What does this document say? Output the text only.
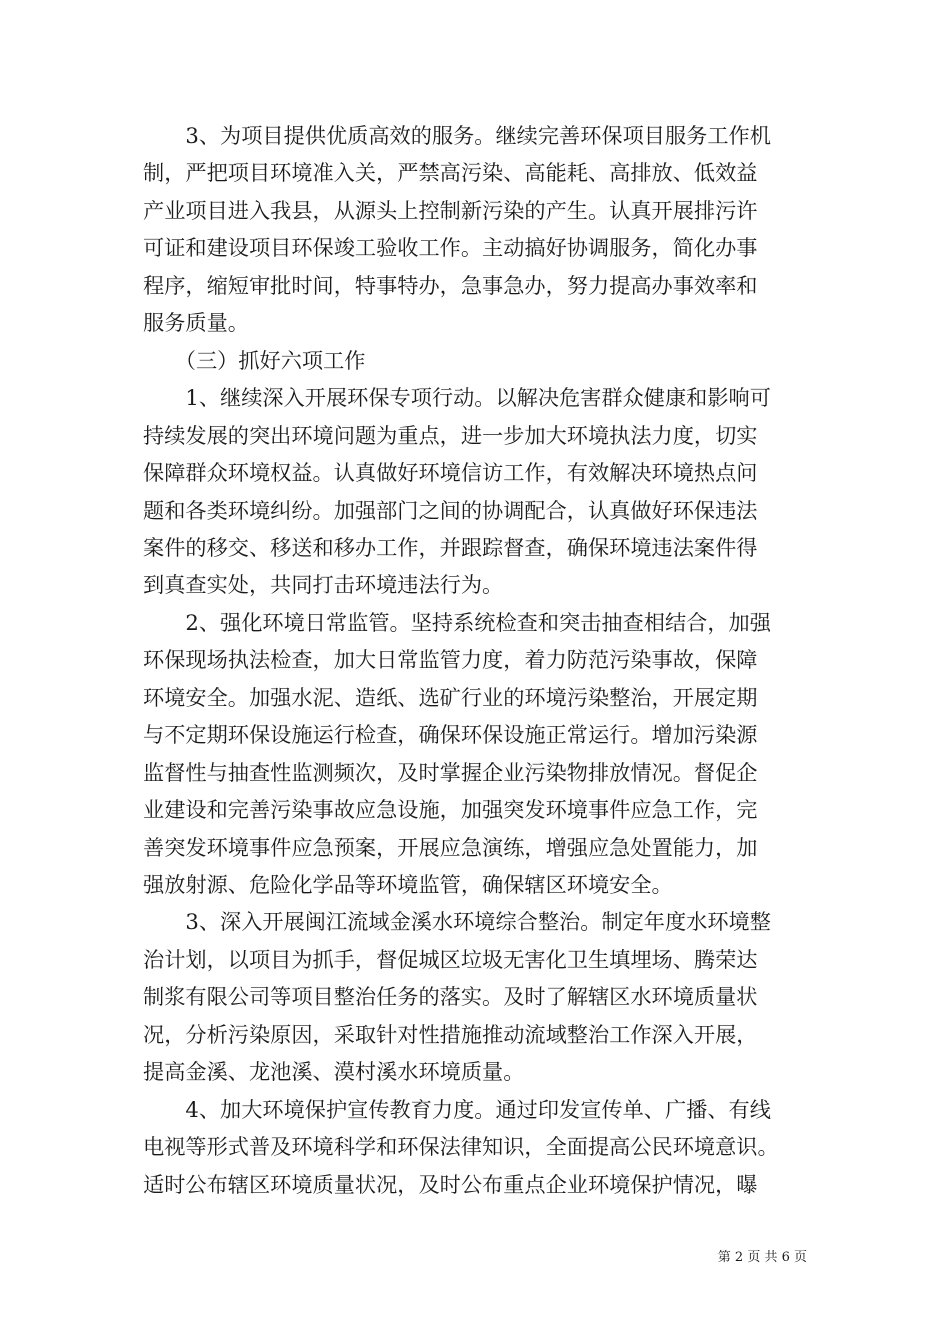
　　3、为项目提供优质高效的服务。继续完善环保项目服务工作机
制，严把项目环境准入关，严禁高污染、高能耗、高排放、低效益
产业项目进入我县，从源头上控制新污染的产生。认真开展排污许
可证和建设项目环保竣工验收工作。主动搞好协调服务，简化办事
程序，缩短审批时间，特事特办，急事急办，努力提高办事效率和
服务质量。
　　（三）抓好六项工作
　　1、继续深入开展环保专项行动。以解决危害群众健康和影响可
持续发展的突出环境问题为重点，进一步加大环境执法力度，切实
保障群众环境权益。认真做好环境信访工作，有效解决环境热点问
题和各类环境纠纷。加强部门之间的协调配合，认真做好环保违法
案件的移交、移送和移办工作，并跟踪督查，确保环境违法案件得
到真查实处，共同打击环境违法行为。
　　2、强化环境日常监管。坚持系统检查和突击抽查相结合，加强
环保现场执法检查，加大日常监管力度，着力防范污染事故，保障
环境安全。加强水泥、造纸、选矿行业的环境污染整治，开展定期
与不定期环保设施运行检查，确保环保设施正常运行。增加污染源
监督性与抽查性监测频次，及时掌握企业污染物排放情况。督促企
业建设和完善污染事故应急设施，加强突发环境事件应急工作，完
善突发环境事件应急预案，开展应急演练，增强应急处置能力，加
强放射源、危险化学品等环境监管，确保辖区环境安全。
　　3、深入开展闽江流域金溪水环境综合整治。制定年度水环境整
治计划，以项目为抓手，督促城区垃圾无害化卫生填埋场、腾荣达
制浆有限公司等项目整治任务的落实。及时了解辖区水环境质量状
况，分析污染原因，采取针对性措施推动流域整治工作深入开展，
提高金溪、龙池溪、漠村溪水环境质量。
　　4、加大环境保护宣传教育力度。通过印发宣传单、广播、有线
电视等形式普及环境科学和环保法律知识，全面提高公民环境意识。
适时公布辖区环境质量状况，及时公布重点企业环境保护情况，曝
第 2 页 共 6 页
